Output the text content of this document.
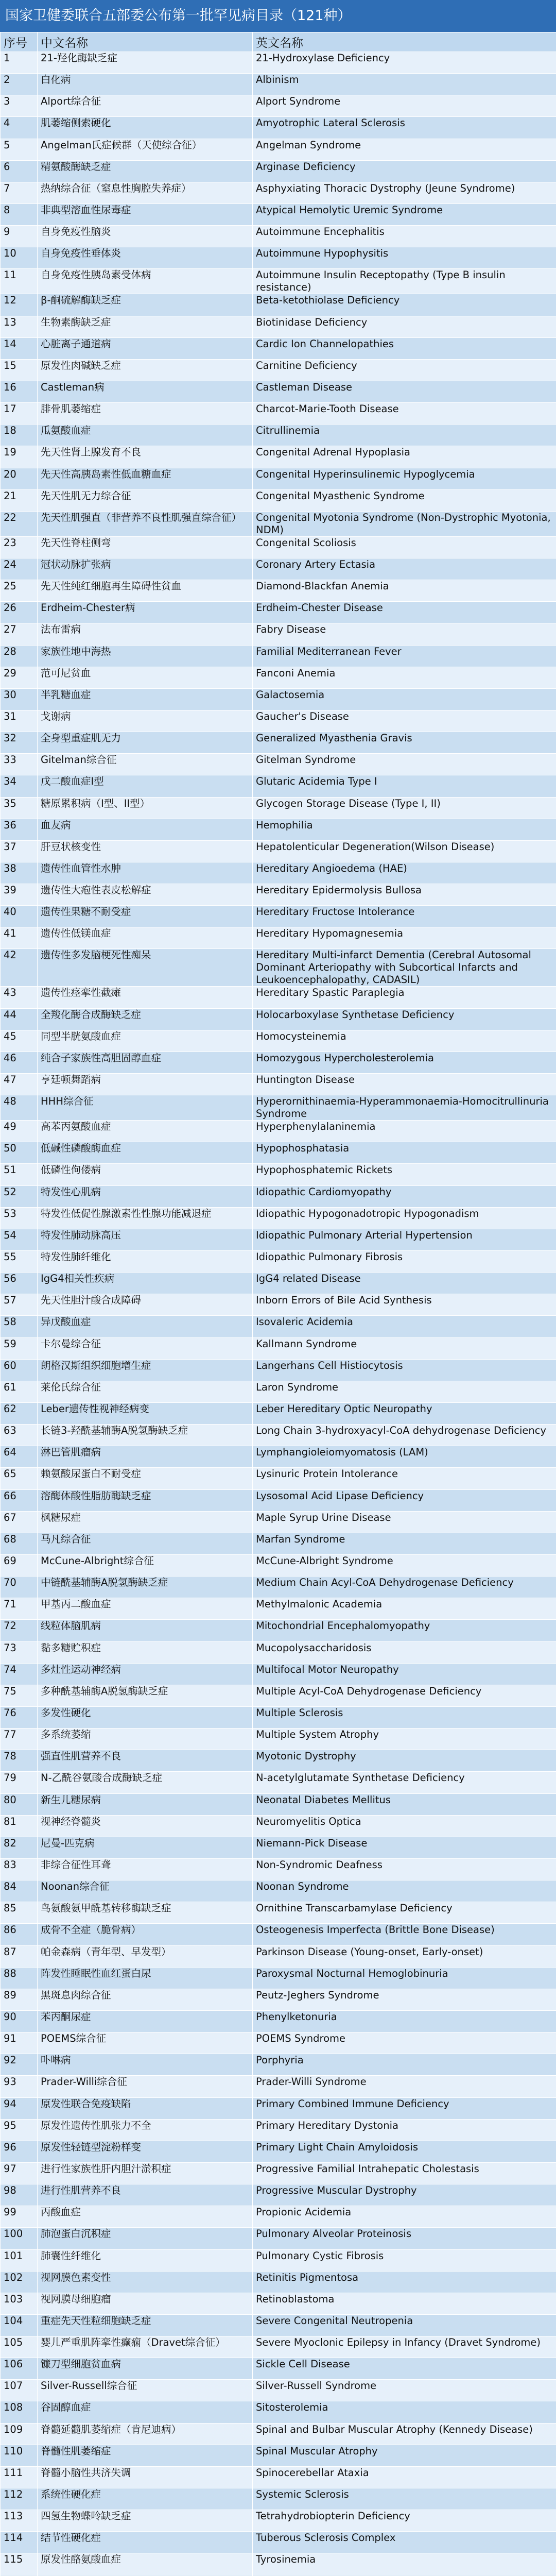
国家卫健委联合五部委公布第一批罕见病目录（121种）
序号	中文名称	英文名称
1	21-羟化酶缺乏症	21-Hydroxylase Deficiency
2	白化病	Albinism
3	Alport综合征	Alport Syndrome
4	肌萎缩侧索硬化	Amyotrophic Lateral Sclerosis
5	Angelman氏症候群（天使综合征）	Angelman Syndrome
6	精氨酸酶缺乏症	Arginase Deficiency
7	热纳综合征（窒息性胸腔失养症）	Asphyxiating Thoracic Dystrophy (Jeune Syndrome)
8	非典型溶血性尿毒症	Atypical Hemolytic Uremic Syndrome
9	自身免疫性脑炎	Autoimmune Encephalitis
10	自身免疫性垂体炎	Autoimmune Hypophysitis
11	自身免疫性胰岛素受体病	Autoimmune Insulin Receptopathy (Type B insulin resistance)
12	β-酮硫解酶缺乏症	Beta-ketothiolase Deficiency
13	生物素酶缺乏症	Biotinidase Deficiency
14	心脏离子通道病	Cardic Ion Channelopathies
15	原发性肉碱缺乏症	Carnitine Deficiency
16	Castleman病	Castleman Disease
17	腓骨肌萎缩症	Charcot-Marie-Tooth Disease
18	瓜氨酸血症	Citrullinemia
19	先天性肾上腺发育不良	Congenital Adrenal Hypoplasia
20	先天性高胰岛素性低血糖血症	Congenital Hyperinsulinemic Hypoglycemia
21	先天性肌无力综合征	Congenital Myasthenic Syndrome
22	先天性肌强直（非营养不良性肌强直综合征）	Congenital Myotonia Syndrome (Non-Dystrophic Myotonia, NDM)
23	先天性脊柱侧弯	Congenital Scoliosis
24	冠状动脉扩张病	Coronary Artery Ectasia
25	先天性纯红细胞再生障碍性贫血	Diamond-Blackfan Anemia
26	Erdheim-Chester病	Erdheim-Chester Disease
27	法布雷病	Fabry Disease
28	家族性地中海热	Familial Mediterranean Fever
29	范可尼贫血	Fanconi Anemia
30	半乳糖血症	Galactosemia
31	戈谢病	Gaucher's Disease
32	全身型重症肌无力	Generalized Myasthenia Gravis
33	Gitelman综合征	Gitelman Syndrome
34	戊二酸血症I型	Glutaric Acidemia Type I
35	糖原累积病（I型、II型）	Glycogen Storage Disease (Type I, II)
36	血友病	Hemophilia
37	肝豆状核变性	Hepatolenticular Degeneration(Wilson Disease)
38	遗传性血管性水肿	Hereditary Angioedema (HAE)
39	遗传性大疱性表皮松解症	Hereditary Epidermolysis Bullosa
40	遗传性果糖不耐受症	Hereditary Fructose Intolerance
41	遗传性低镁血症	Hereditary Hypomagnesemia
42	遗传性多发脑梗死性痴呆	Hereditary Multi-infarct Dementia (Cerebral Autosomal Dominant Arteriopathy with Subcortical Infarcts and Leukoencephalopathy, CADASIL)
43	遗传性痉挛性截瘫	Hereditary Spastic Paraplegia
44	全羧化酶合成酶缺乏症	Holocarboxylase Synthetase Deficiency
45	同型半胱氨酸血症	Homocysteinemia
46	纯合子家族性高胆固醇血症	Homozygous Hypercholesterolemia
47	亨廷顿舞蹈病	Huntington Disease
48	HHH综合征	Hyperornithinaemia-Hyperammonaemia-Homocitrullinuria Syndrome
49	高苯丙氨酸血症	Hyperphenylalaninemia
50	低碱性磷酸酶血症	Hypophosphatasia
51	低磷性佝偻病	Hypophosphatemic Rickets
52	特发性心肌病	Idiopathic Cardiomyopathy
53	特发性低促性腺激素性性腺功能减退症	Idiopathic Hypogonadotropic Hypogonadism
54	特发性肺动脉高压	Idiopathic Pulmonary Arterial Hypertension
55	特发性肺纤维化	Idiopathic Pulmonary Fibrosis
56	IgG4相关性疾病	IgG4 related Disease
57	先天性胆汁酸合成障碍	Inborn Errors of Bile Acid Synthesis
58	异戊酸血症	Isovaleric Acidemia
59	卡尔曼综合征	Kallmann Syndrome
60	朗格汉斯组织细胞增生症	Langerhans Cell Histiocytosis
61	莱伦氏综合征	Laron Syndrome
62	Leber遗传性视神经病变	Leber Hereditary Optic Neuropathy
63	长链3-羟酰基辅酶A脱氢酶缺乏症	Long Chain 3-hydroxyacyl-CoA dehydrogenase Deficiency
64	淋巴管肌瘤病	Lymphangioleiomyomatosis (LAM)
65	赖氨酸尿蛋白不耐受症	Lysinuric Protein Intolerance
66	溶酶体酸性脂肪酶缺乏症	Lysosomal Acid Lipase Deficiency
67	枫糖尿症	Maple Syrup Urine Disease
68	马凡综合征	Marfan Syndrome
69	McCune-Albright综合征	McCune-Albright Syndrome
70	中链酰基辅酶A脱氢酶缺乏症	Medium Chain Acyl-CoA Dehydrogenase Deficiency
71	甲基丙二酸血症	Methylmalonic Academia
72	线粒体脑肌病	Mitochondrial Encephalomyopathy
73	黏多糖贮积症	Mucopolysaccharidosis
74	多灶性运动神经病	Multifocal Motor Neuropathy
75	多种酰基辅酶A脱氢酶缺乏症	Multiple Acyl-CoA Dehydrogenase Deficiency
76	多发性硬化	Multiple Sclerosis
77	多系统萎缩	Multiple System Atrophy
78	强直性肌营养不良	Myotonic Dystrophy
79	N-乙酰谷氨酸合成酶缺乏症	N-acetylglutamate Synthetase Deficiency
80	新生儿糖尿病	Neonatal Diabetes Mellitus
81	视神经脊髓炎	Neuromyelitis Optica
82	尼曼-匹克病	Niemann-Pick Disease
83	非综合征性耳聋	Non-Syndromic Deafness
84	Noonan综合征	Noonan Syndrome
85	鸟氨酸氨甲酰基转移酶缺乏症	Ornithine Transcarbamylase Deficiency
86	成骨不全症（脆骨病）	Osteogenesis Imperfecta (Brittle Bone Disease)
87	帕金森病（青年型、早发型）	Parkinson Disease (Young-onset, Early-onset)
88	阵发性睡眠性血红蛋白尿	Paroxysmal Nocturnal Hemoglobinuria
89	黑斑息肉综合征	Peutz-Jeghers Syndrome
90	苯丙酮尿症	Phenylketonuria
91	POEMS综合征	POEMS Syndrome
92	卟啉病	Porphyria
93	Prader-Willi综合征	Prader-Willi Syndrome
94	原发性联合免疫缺陷	Primary Combined Immune Deficiency
95	原发性遗传性肌张力不全	Primary Hereditary Dystonia
96	原发性轻链型淀粉样变	Primary Light Chain Amyloidosis
97	进行性家族性肝内胆汁淤积症	Progressive Familial Intrahepatic Cholestasis
98	进行性肌营养不良	Progressive Muscular Dystrophy
99	丙酸血症	Propionic Acidemia
100	肺泡蛋白沉积症	Pulmonary Alveolar Proteinosis
101	肺囊性纤维化	Pulmonary Cystic Fibrosis
102	视网膜色素变性	Retinitis Pigmentosa
103	视网膜母细胞瘤	Retinoblastoma
104	重症先天性粒细胞缺乏症	Severe Congenital Neutropenia
105	婴儿严重肌阵挛性癫痫（Dravet综合征）	Severe Myoclonic Epilepsy in Infancy (Dravet Syndrome)
106	镰刀型细胞贫血病	Sickle Cell Disease
107	Silver-Russell综合征	Silver-Russell Syndrome
108	谷固醇血症	Sitosterolemia
109	脊髓延髓肌萎缩症（肯尼迪病）	Spinal and Bulbar Muscular Atrophy (Kennedy Disease)
110	脊髓性肌萎缩症	Spinal Muscular Atrophy
111	脊髓小脑性共济失调	Spinocerebellar Ataxia
112	系统性硬化症	Systemic Sclerosis
113	四氢生物蝶呤缺乏症	Tetrahydrobiopterin Deficiency
114	结节性硬化症	Tuberous Sclerosis Complex
115	原发性酪氨酸血症	Tyrosinemia
